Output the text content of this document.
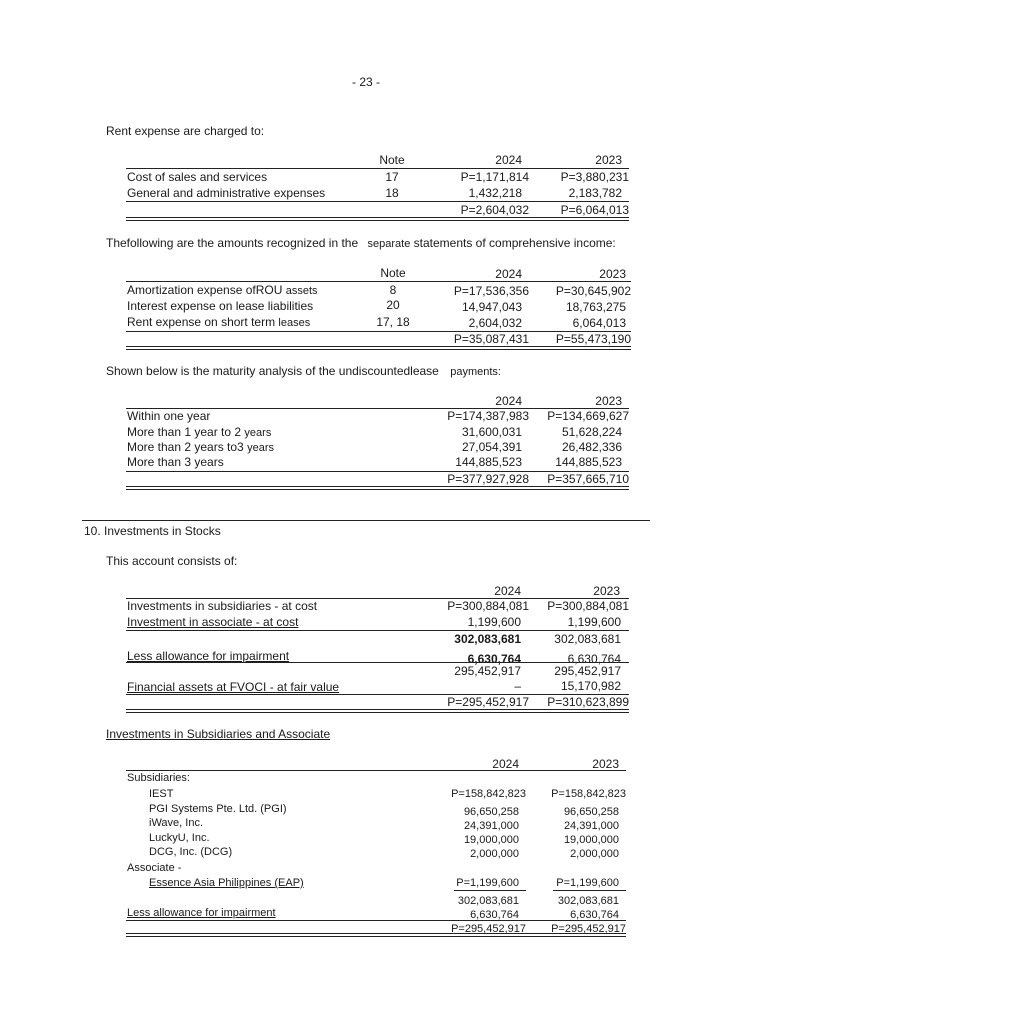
- 23 -
Rent expense are charged to:
Note	2024	2023
Cost of sales and services	17	P=1,171,814	P=3,880,231
General and administrative expenses	18	1,432,218	2,183,782
P=2,604,032	P=6,064,013
Thefollowing are the amounts recognized in the separate statements of comprehensive income:
Note	2024	2023
Amortization expense ofROU assets	8	P=17,536,356	P=30,645,902
Interest expense on lease liabilities	20	14,947,043	18,763,275
Rent expense on short term leases	17, 18	2,604,032	6,064,013
P=35,087,431	P=55,473,190
Shown below is the maturity analysis of the undiscountedlease payments:
2024	2023
Within one year	P=174,387,983	P=134,669,627
More than 1 year to 2 years	31,600,031	51,628,224
More than 2 years to3 years	27,054,391	26,482,336
More than 3 years	144,885,523	144,885,523
P=377,927,928	P=357,665,710
10. Investments in Stocks
This account consists of:
2024	2023
Investments in subsidiaries - at cost	P=300,884,081	P=300,884,081
Investment in associate - at cost	1,199,600	1,199,600
302,083,681	302,083,681
Less allowance for impairment	6,630,764	6,630,764
295,452,917	295,452,917
Financial assets at FVOCI - at fair value	–	15,170,982
P=295,452,917	P=310,623,899
Investments in Subsidiaries and Associate
2024	2023
Subsidiaries:
IEST	P=158,842,823	P=158,842,823
PGI Systems Pte. Ltd. (PGI)	96,650,258	96,650,258
iWave, Inc.	24,391,000	24,391,000
LuckyU, Inc.	19,000,000	19,000,000
DCG, Inc. (DCG)	2,000,000	2,000,000
Associate -
Essence Asia Philippines (EAP)	P=1,199,600	P=1,199,600
302,083,681	302,083,681
Less allowance for impairment	6,630,764	6,630,764
P=295,452,917	P=295,452,917
